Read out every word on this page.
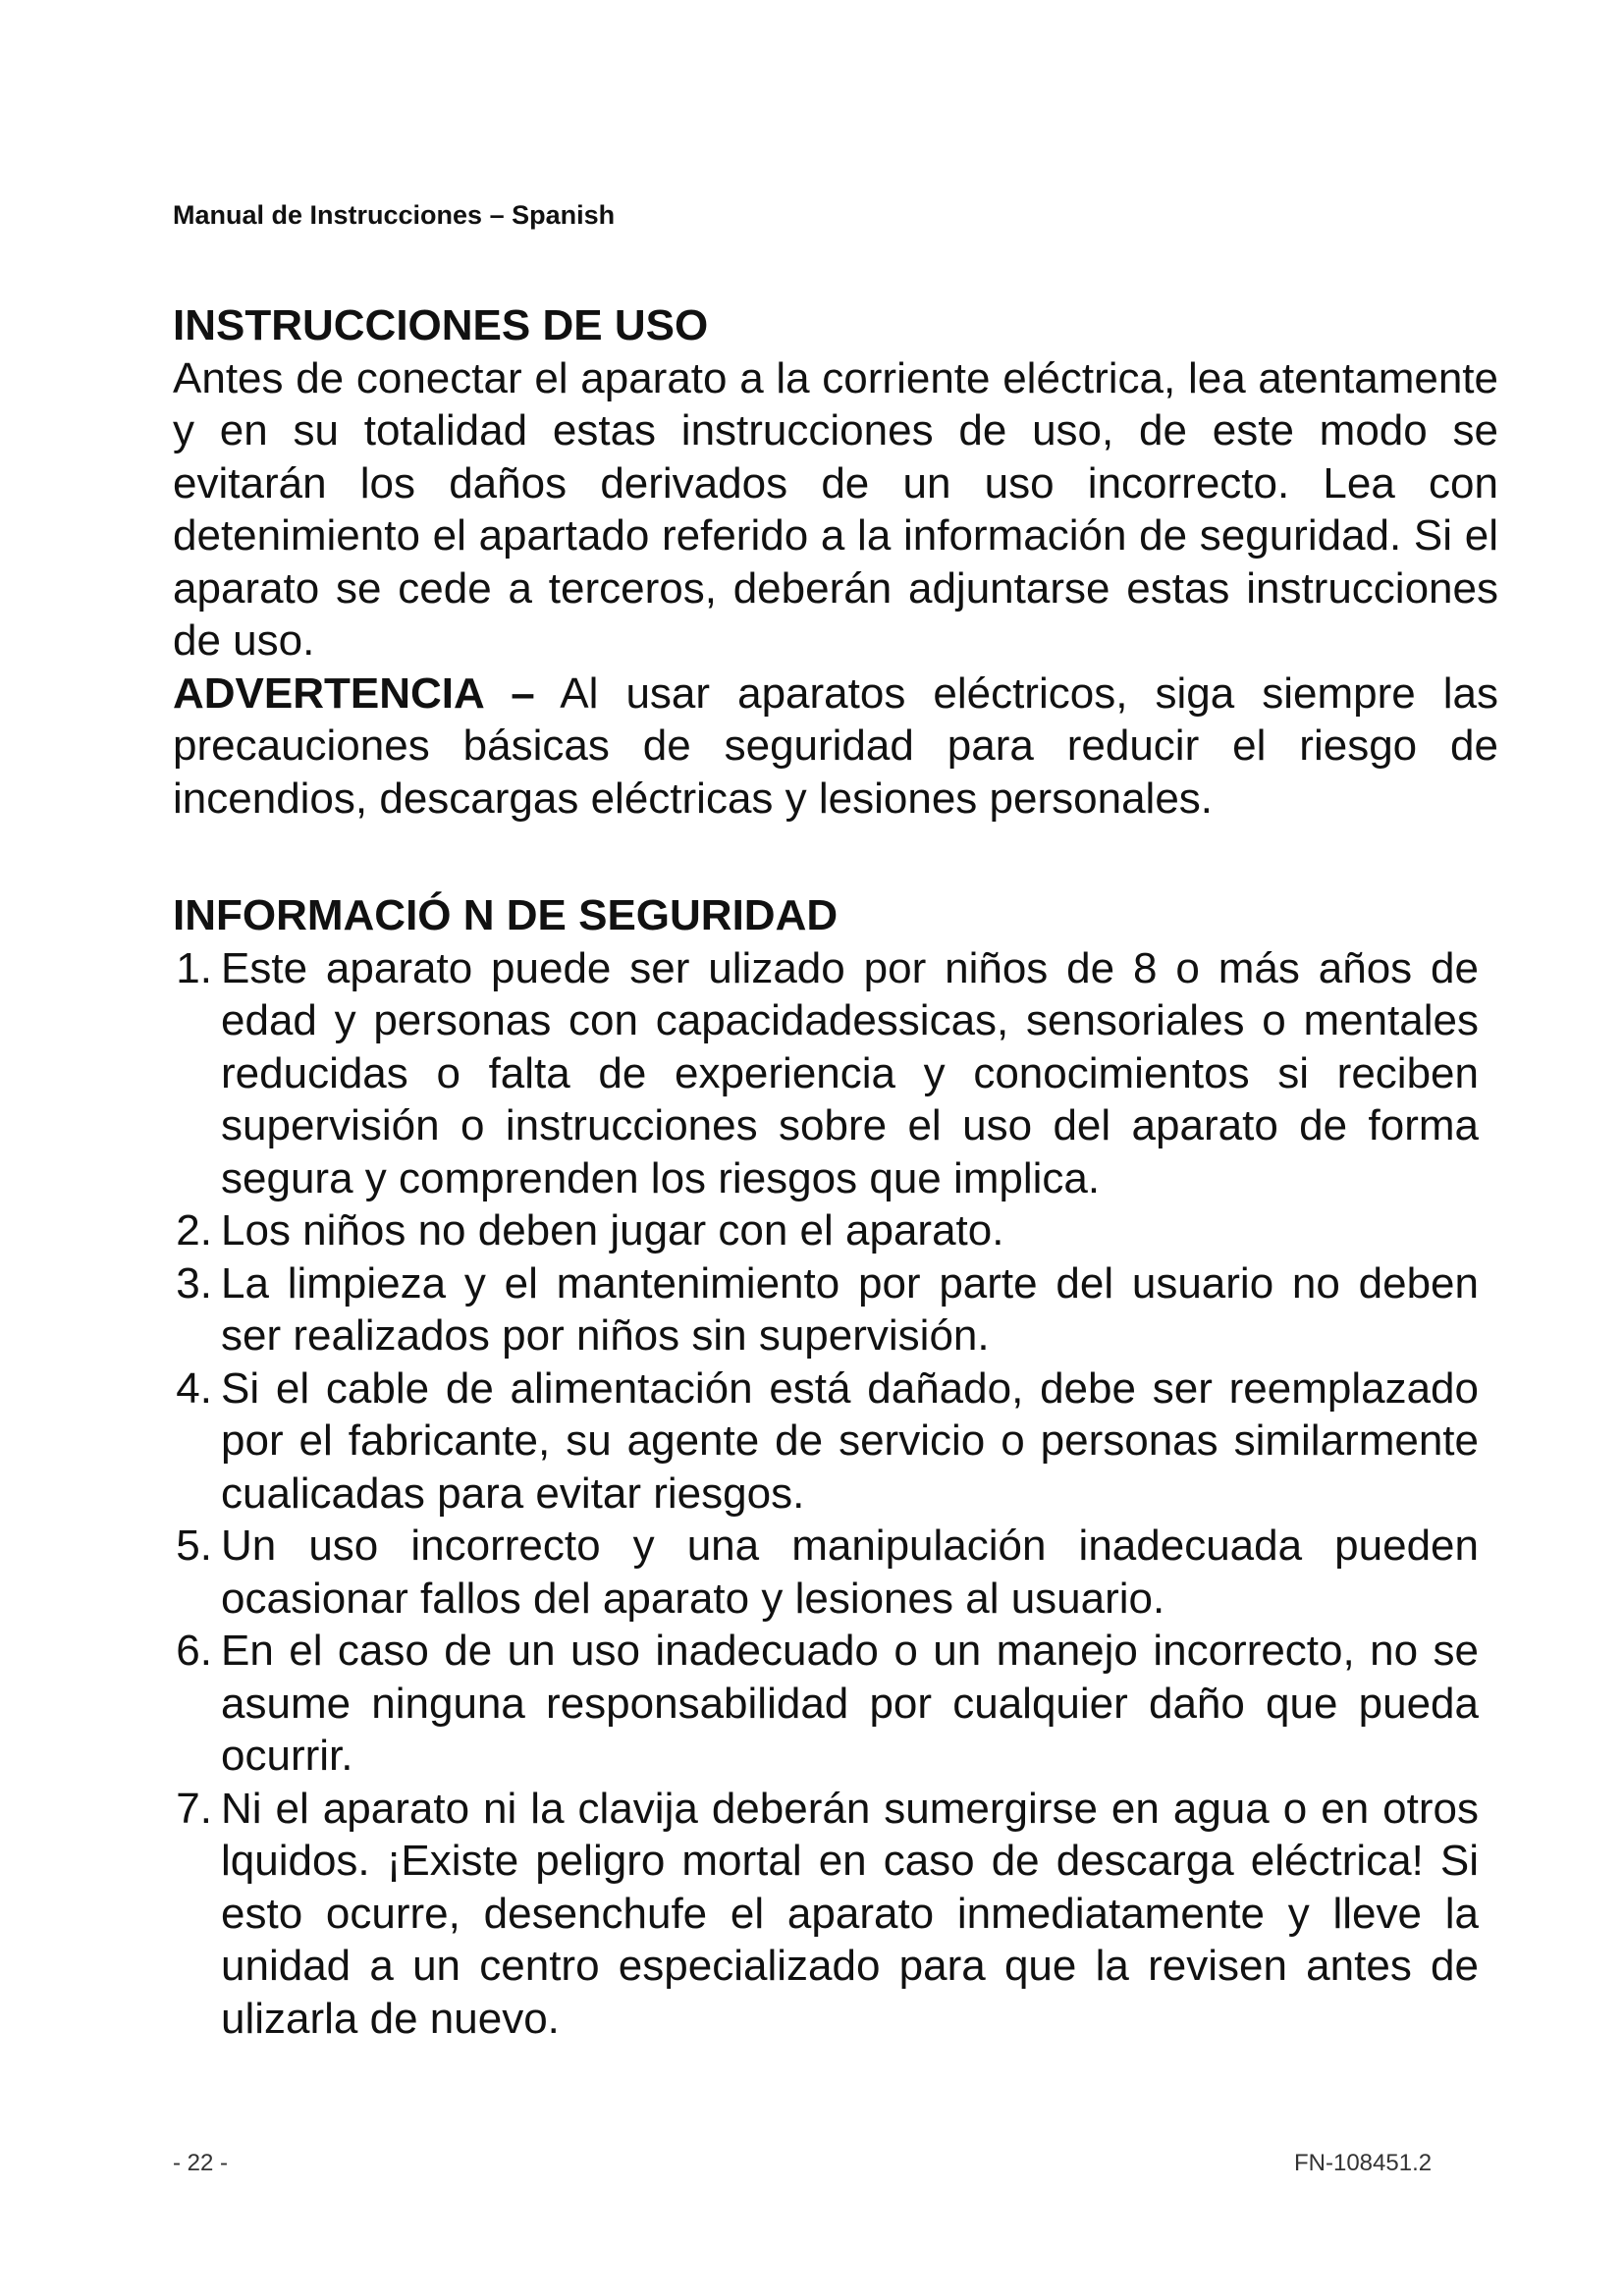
Manual de Instrucciones – Spanish

INSTRUCCIONES DE USO

Antes de conectar el aparato a la corriente eléctrica, lea atentamente y en su totalidad estas instrucciones de uso, de este modo se evitarán los daños derivados de un uso incorrecto. Lea con detenimiento el apartado referido a la información de seguridad. Si el aparato se cede a terceros, deberán adjuntarse estas instrucciones de uso.

ADVERTENCIA – Al usar aparatos eléctricos, siga siempre las precauciones básicas de seguridad para reducir el riesgo de incendios, descargas eléctricas y lesiones personales.

INFORMACIÓ N DE SEGURIDAD

1. Este aparato puede ser ulizado por niños de 8 o más años de edad y personas con capacidadessicas, sensoriales o mentales reducidas o falta de experiencia y conocimientos si reciben supervisión o instrucciones sobre el uso del aparato de forma segura y comprenden los riesgos que implica.
2. Los niños no deben jugar con el aparato.
3. La limpieza y el mantenimiento por parte del usuario no deben ser realizados por niños sin supervisión.
4. Si el cable de alimentación está dañado, debe ser reemplazado por el fabricante, su agente de servicio o personas similarmente cualicadas para evitar riesgos.
5. Un uso incorrecto y una manipulación inadecuada pueden ocasionar fallos del aparato y lesiones al usuario.
6. En el caso de un uso inadecuado o un manejo incorrecto, no se asume ninguna responsabilidad por cualquier daño que pueda ocurrir.
7. Ni el aparato ni la clavija deberán sumergirse en agua o en otros lquidos. ¡Existe peligro mortal en caso de descarga eléctrica! Si esto ocurre, desenchufe el aparato inmediatamente y lleve la unidad a un centro especializado para que la revisen antes de ulizarla de nuevo.
- 22 -	FN-108451.2
